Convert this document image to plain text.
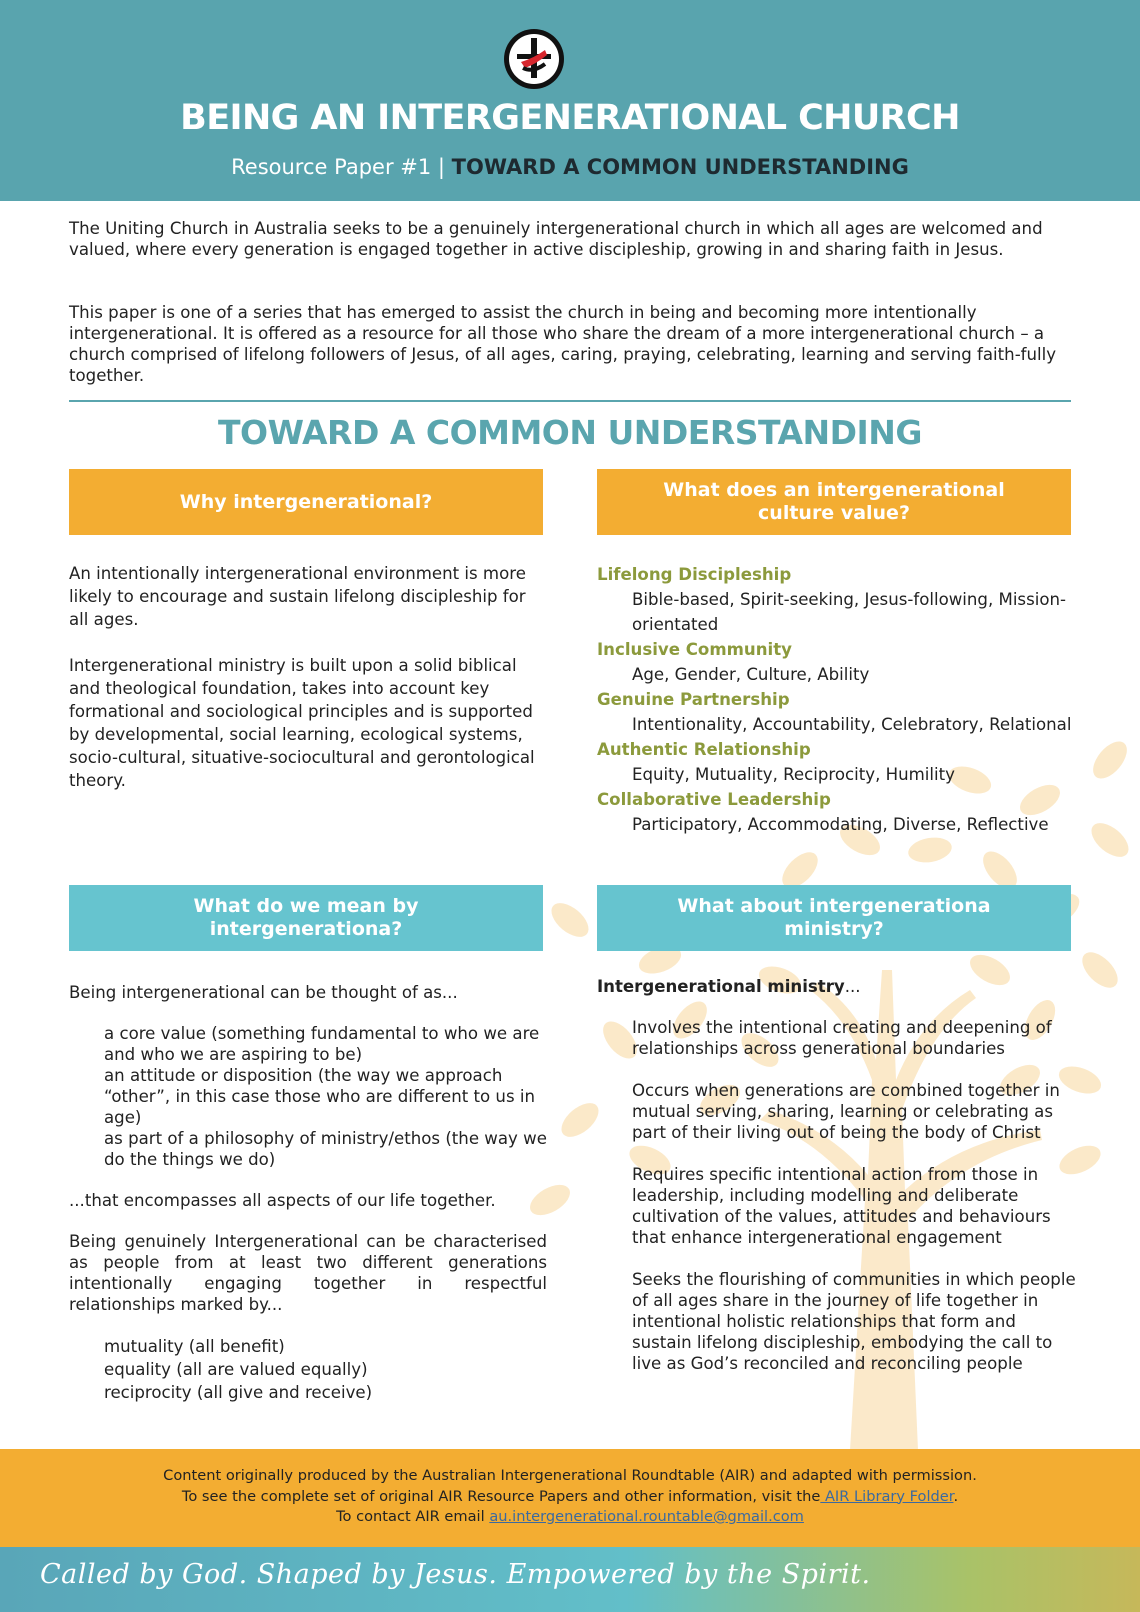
BEING AN INTERGENERATIONAL CHURCH
Resource Paper #1 | TOWARD A COMMON UNDERSTANDING

The Uniting Church in Australia seeks to be a genuinely intergenerational church in which all ages are welcomed and valued, where every generation is engaged together in active discipleship, growing in and sharing faith in Jesus.

This paper is one of a series that has emerged to assist the church in being and becoming more intentionally intergenerational. It is offered as a resource for all those who share the dream of a more intergenerational church – a church comprised of lifelong followers of Jesus, of all ages, caring, praying, celebrating, learning and serving faith-fully together.

TOWARD A COMMON UNDERSTANDING
Why intergenerational?

An intentionally intergenerational environment is more likely to encourage and sustain lifelong discipleship for all ages.

Intergenerational ministry is built upon a solid biblical and theological foundation, takes into account key formational and sociological principles and is supported by developmental, social learning, ecological systems, socio-cultural, situative-sociocultural and gerontological theory.

What does an intergenerational culture value?
Lifelong Discipleship
Bible-based, Spirit-seeking, Jesus-following, Mission-orientated
Inclusive Community
Age, Gender, Culture, Ability
Genuine Partnership
Intentionality, Accountability, Celebratory, Relational
Authentic Relationship
Equity, Mutuality, Reciprocity, Humility
Collaborative Leadership
Participatory, Accommodating, Diverse, Reflective
What do we mean by intergenerationa?

Being intergenerational can be thought of as...

a core value (something fundamental to who we are and who we are aspiring to be)

an attitude or disposition (the way we approach “other”, in this case those who are different to us in age)

as part of a philosophy of ministry/ethos (the way we do the things we do)

...that encompasses all aspects of our life together.

Being genuinely Intergenerational can be characterised as people from at least two different generations intentionally engaging together in respectful relationships marked by...

mutuality (all benefit)

equality (all are valued equally)

reciprocity (all give and receive)

What about intergenerationa ministry?

Intergenerational ministry...

Involves the intentional creating and deepening of relationships across generational boundaries

Occurs when generations are combined together in mutual serving, sharing, learning or celebrating as part of their living out of being the body of Christ

Requires specific intentional action from those in leadership, including modelling and deliberate cultivation of the values, attitudes and behaviours that enhance intergenerational engagement

Seeks the flourishing of communities in which people of all ages share in the journey of life together in intentional holistic relationships that form and sustain lifelong discipleship, embodying the call to live as God’s reconciled and reconciling people

Content originally produced by the Australian Intergenerational Roundtable (AIR) and adapted with permission.
To see the complete set of original AIR Resource Papers and other information, visit the AIR Library Folder.
To contact AIR email au.intergenerational.rountable@gmail.com
Called by God. Shaped by Jesus. Empowered by the Spirit.
